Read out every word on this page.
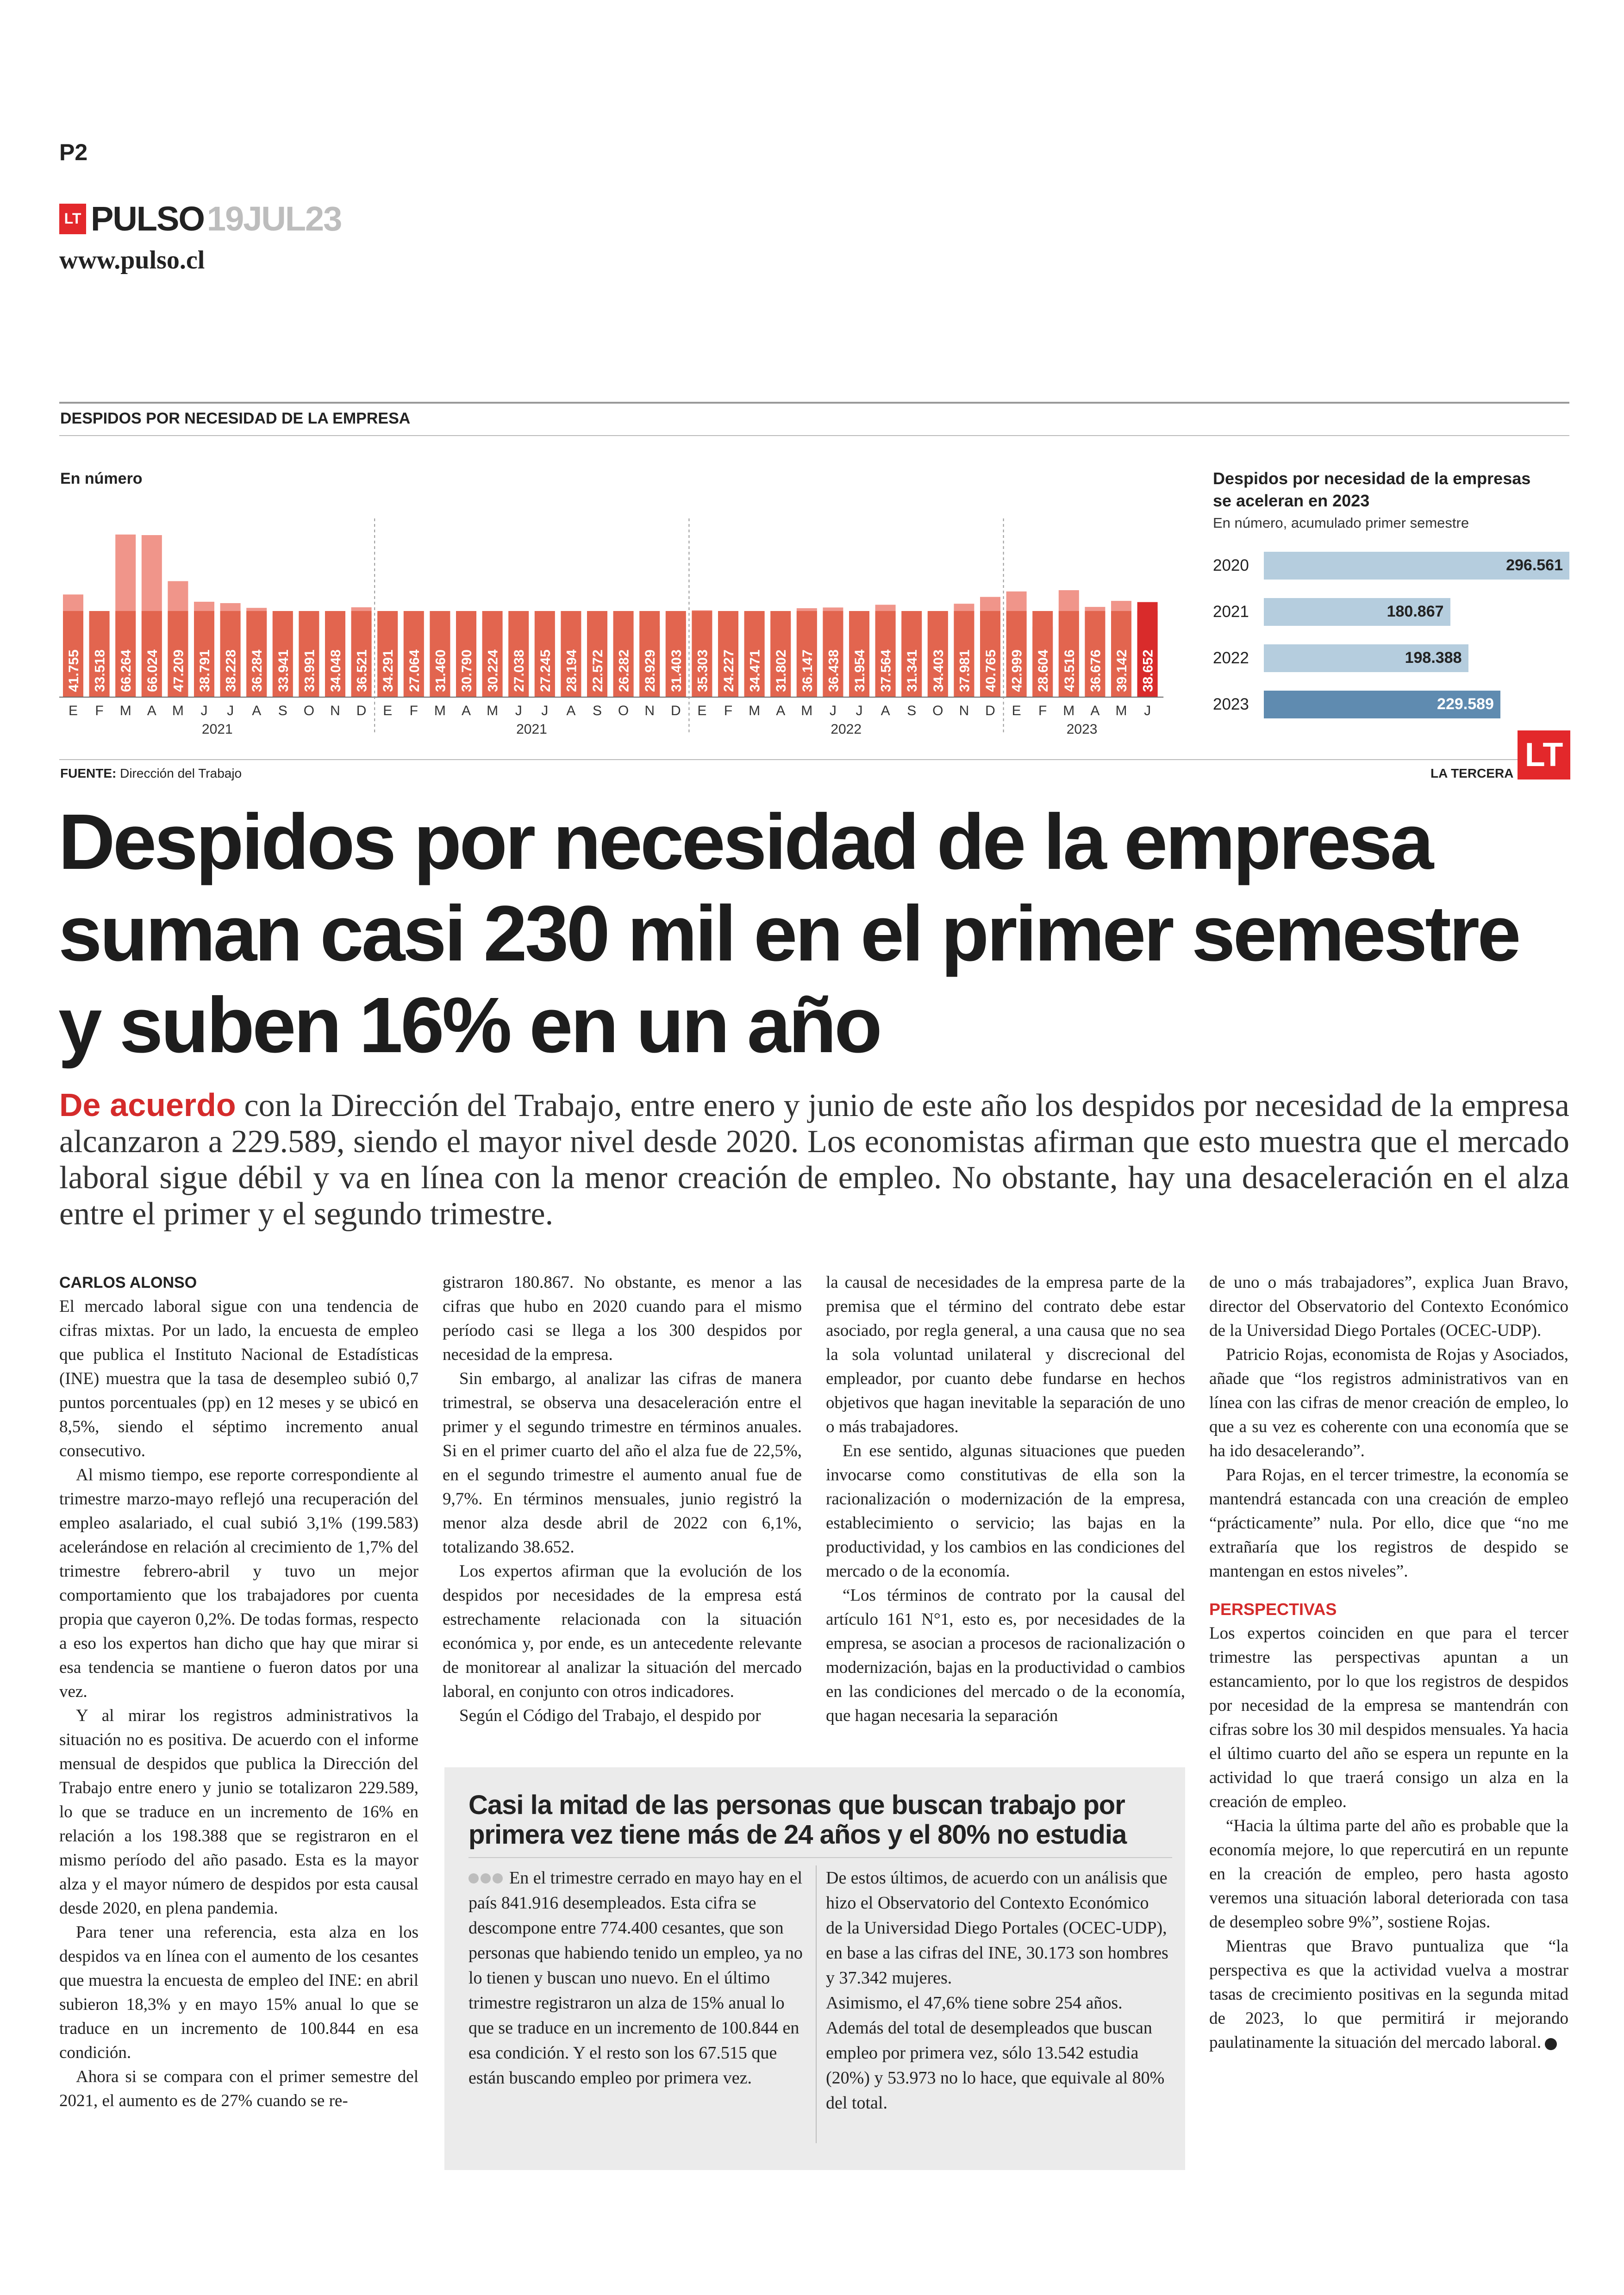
P2
LT PULSO 19JUL23
www.pulso.cl
DESPIDOS POR NECESIDAD DE LA EMPRESA
En número
41.755
E
33.518
F
66.264
M
66.024
A
47.209
M
38.791
J
38.228
J
36.284
A
33.941
S
33.991
O
34.048
N
36.521
D
34.291
E
27.064
F
31.460
M
30.790
A
30.224
M
27.038
J
27.245
J
28.194
A
22.572
S
26.282
O
28.929
N
31.403
D
35.303
E
24.227
F
34.471
M
31.802
A
36.147
M
36.438
J
31.954
J
37.564
A
31.341
S
34.403
O
37.981
N
40.765
D
42.999
E
28.604
F
43.516
M
36.676
A
39.142
M
38.652
J
2021	2021	2022	2023
Despidos por necesidad de la empresas se aceleran en 2023
En número, acumulado primer semestre
2020	296.561
2021	180.867
2022	198.388
2023	229.589
FUENTE: Dirección del Trabajo	LA TERCERA LT
Despidos por necesidad de la empresa suman casi 230 mil en el primer semestre y suben 16% en un año
De acuerdo con la Dirección del Trabajo, entre enero y junio de este año los despidos por necesidad de la empresa alcanzaron a 229.589, siendo el mayor nivel desde 2020. Los economistas afirman que esto muestra que el mercado laboral sigue débil y va en línea con la menor creación de empleo. No obstante, hay una desaceleración en el alza entre el primer y el segundo trimestre.

CARLOS ALONSO

El mercado laboral sigue con una tendencia de cifras mixtas. Por un lado, la encuesta de empleo que publica el Instituto Nacional de Estadísticas (INE) muestra que la tasa de desempleo subió 0,7 puntos porcentuales (pp) en 12 meses y se ubicó en 8,5%, siendo el séptimo incremento anual consecutivo.

Al mismo tiempo, ese reporte correspondiente al trimestre marzo-mayo reflejó una recuperación del empleo asalariado, el cual subió 3,1% (199.583) acelerándose en relación al crecimiento de 1,7% del trimestre febrero-abril y tuvo un mejor comportamiento que los trabajadores por cuenta propia que cayeron 0,2%. De todas formas, respecto a eso los expertos han dicho que hay que mirar si esa tendencia se mantiene o fueron datos por una vez.

Y al mirar los registros administrativos la situación no es positiva. De acuerdo con el informe mensual de despidos que publica la Dirección del Trabajo entre enero y junio se totalizaron 229.589, lo que se traduce en un incremento de 16% en relación a los 198.388 que se registraron en el mismo período del año pasado. Esta es la mayor alza y el mayor número de despidos por esta causal desde 2020, en plena pandemia.

Para tener una referencia, esta alza en los despidos va en línea con el aumento de los cesantes que muestra la encuesta de empleo del INE: en abril subieron 18,3% y en mayo 15% anual lo que se traduce en un incremento de 100.844 en esa condición.

Ahora si se compara con el primer semestre del 2021, el aumento es de 27% cuando se re-

gistraron 180.867. No obstante, es menor a las cifras que hubo en 2020 cuando para el mismo período casi se llega a los 300 despidos por necesidad de la empresa.

Sin embargo, al analizar las cifras de manera trimestral, se observa una desaceleración entre el primer y el segundo trimestre en términos anuales. Si en el primer cuarto del año el alza fue de 22,5%, en el segundo trimestre el aumento anual fue de 9,7%. En términos mensuales, junio registró la menor alza desde abril de 2022 con 6,1%, totalizando 38.652.

Los expertos afirman que la evolución de los despidos por necesidades de la empresa está estrechamente relacionada con la situación económica y, por ende, es un antecedente relevante de monitorear al analizar la situación del mercado laboral, en conjunto con otros indicadores.

Según el Código del Trabajo, el despido por

la causal de necesidades de la empresa parte de la premisa que el término del contrato debe estar asociado, por regla general, a una causa que no sea la sola voluntad unilateral y discrecional del empleador, por cuanto debe fundarse en hechos objetivos que hagan inevitable la separación de uno o más trabajadores.

En ese sentido, algunas situaciones que pueden invocarse como constitutivas de ella son la racionalización o modernización de la empresa, establecimiento o servicio; las bajas en la productividad, y los cambios en las condiciones del mercado o de la economía.

“Los términos de contrato por la causal del artículo 161 N°1, esto es, por necesidades de la empresa, se asocian a procesos de racionalización o modernización, bajas en la productividad o cambios en las condiciones del mercado o de la economía, que hagan necesaria la separación

de uno o más trabajadores”, explica Juan Bravo, director del Observatorio del Contexto Económico de la Universidad Diego Portales (OCEC-UDP).

Patricio Rojas, economista de Rojas y Asociados, añade que “los registros administrativos van en línea con las cifras de menor creación de empleo, lo que a su vez es coherente con una economía que se ha ido desacelerando”.

Para Rojas, en el tercer trimestre, la economía se mantendrá estancada con una creación de empleo “prácticamente” nula. Por ello, dice que “no me extrañaría que los registros de despido se mantengan en estos niveles”.

PERSPECTIVAS

Los expertos coinciden en que para el tercer trimestre las perspectivas apuntan a un estancamiento, por lo que los registros de despidos por necesidad de la empresa se mantendrán con cifras sobre los 30 mil despidos mensuales. Ya hacia el último cuarto del año se espera un repunte en la actividad lo que traerá consigo un alza en la creación de empleo.

“Hacia la última parte del año es probable que la economía mejore, lo que repercutirá en un repunte en la creación de empleo, pero hasta agosto veremos una situación laboral deteriorada con tasa de desempleo sobre 9%”, sostiene Rojas.

Mientras que Bravo puntualiza que “la perspectiva es que la actividad vuelva a mostrar tasas de crecimiento positivas en la segunda mitad de 2023, lo que permitirá ir mejorando paulatinamente la situación del mercado laboral.

Casi la mitad de las personas que buscan trabajo por primera vez tiene más de 24 años y el 80% no estudia

En el trimestre cerrado en mayo hay en el país 841.916 desempleados. Esta cifra se descompone entre 774.400 cesantes, que son personas que habiendo tenido un empleo, ya no lo tienen y buscan uno nuevo. En el último trimestre registraron un alza de 15% anual lo que se traduce en un incremento de 100.844 en esa condición. Y el resto son los 67.515 que están buscando empleo por primera vez.

De estos últimos, de acuerdo con un análisis que hizo el Observatorio del Contexto Económico de la Universidad Diego Portales (OCEC-UDP), en base a las cifras del INE, 30.173 son hombres y 37.342 mujeres.

Asimismo, el 47,6% tiene sobre 254 años. Además del total de desempleados que buscan empleo por primera vez, sólo 13.542 estudia (20%) y 53.973 no lo hace, que equivale al 80% del total.
